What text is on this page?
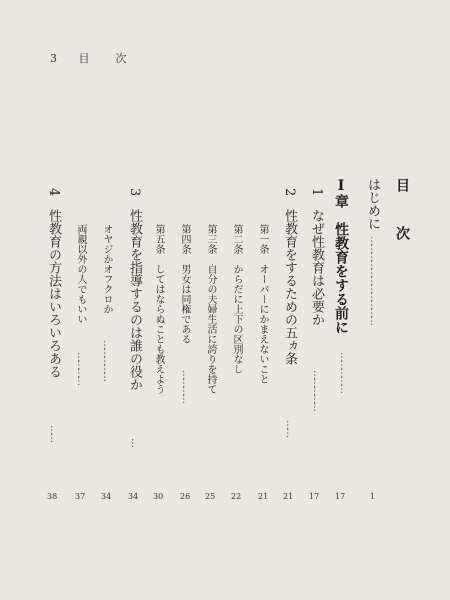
3 目 次
目　次
はじめに
……………………………
1
Ⅰ章　性教育をする前に
……………
17
1　なぜ性教育は必要か
……………
17
2　性教育をするための五ヵ条
……
21
第一条　オーバーにかまえないこと
21
第二条　からだに上下の区別なし
22
第三条　自分の夫婦生活に誇りを持て
25
第四条　男女は同権である
…………
26
第五条　してはならぬことも教えよう
30
3　性教育を指導するのは誰の役か
…
34
オヤジかオフクロか
……………
34
両親以外の人でもいい
…………
37
4　性教育の方法はいろいろある
……
38
